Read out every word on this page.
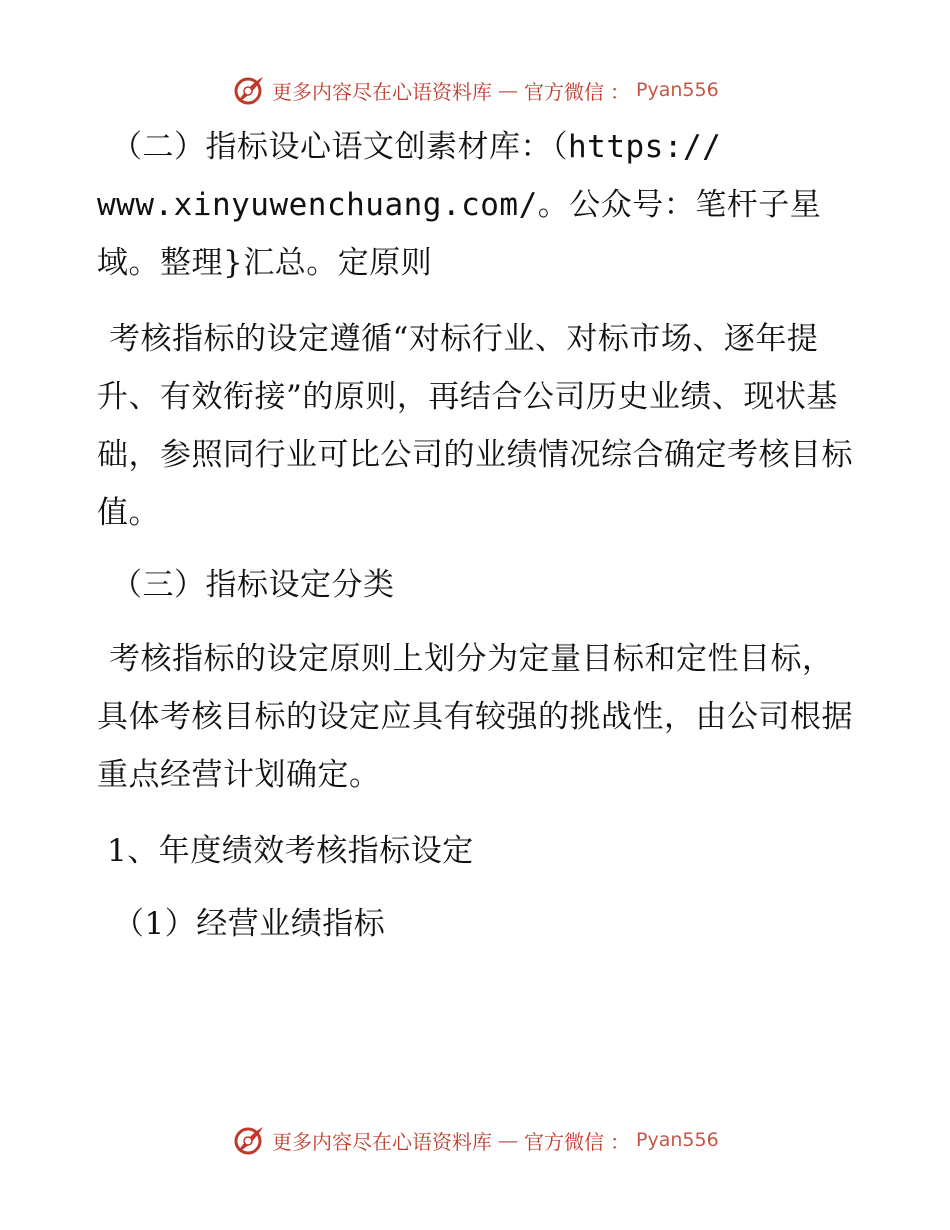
更多内容尽在心语资料库 — 官方微信 ： Pyan556
（二）指标设心语文创素材库：（https://
www.xinyuwenchuang.com/。公众号：笔杆子星
域。整理}汇总。定原则

考核指标的设定遵循“对标行业、对标市场、逐年提升、有效衔接”的原则，再结合公司历史业绩、现状基础，参照同行业可比公司的业绩情况综合确定考核目标值。

（三）指标设定分类

考核指标的设定原则上划分为定量目标和定性目标，具体考核目标的设定应具有较强的挑战性，由公司根据重点经营计划确定。

1、年度绩效考核指标设定

（1）经营业绩指标

更多内容尽在心语资料库 — 官方微信 ： Pyan556
